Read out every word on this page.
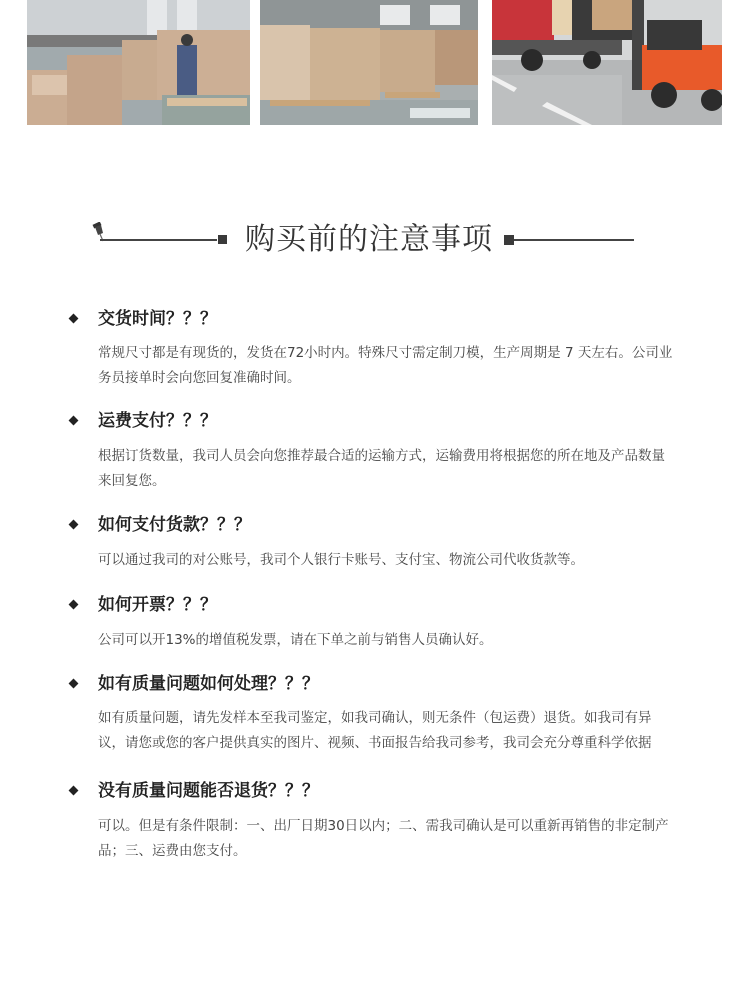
购买前的注意事项
交货时间？？？
常规尺寸都是有现货的，发货在72小时内。特殊尺寸需定制刀模，生产周期是 7 天左右。公司业务员接单时会向您回复准确时间。
运费支付？？？
根据订货数量，我司人员会向您推荐最合适的运输方式，运输费用将根据您的所在地及产品数量来回复您。
如何支付货款？？？
可以通过我司的对公账号，我司个人银行卡账号、支付宝、物流公司代收货款等。
如何开票？？？
公司可以开13%的增值税发票，请在下单之前与销售人员确认好。
如有质量问题如何处理？？？
如有质量问题，请先发样本至我司鉴定，如我司确认，则无条件（包运费）退货。如我司有异议，请您或您的客户提供真实的图片、视频、书面报告给我司参考，我司会充分尊重科学依据
没有质量问题能否退货？？？
可以。但是有条件限制：一、出厂日期30日以内；二、需我司确认是可以重新再销售的非定制产品；三、运费由您支付。
